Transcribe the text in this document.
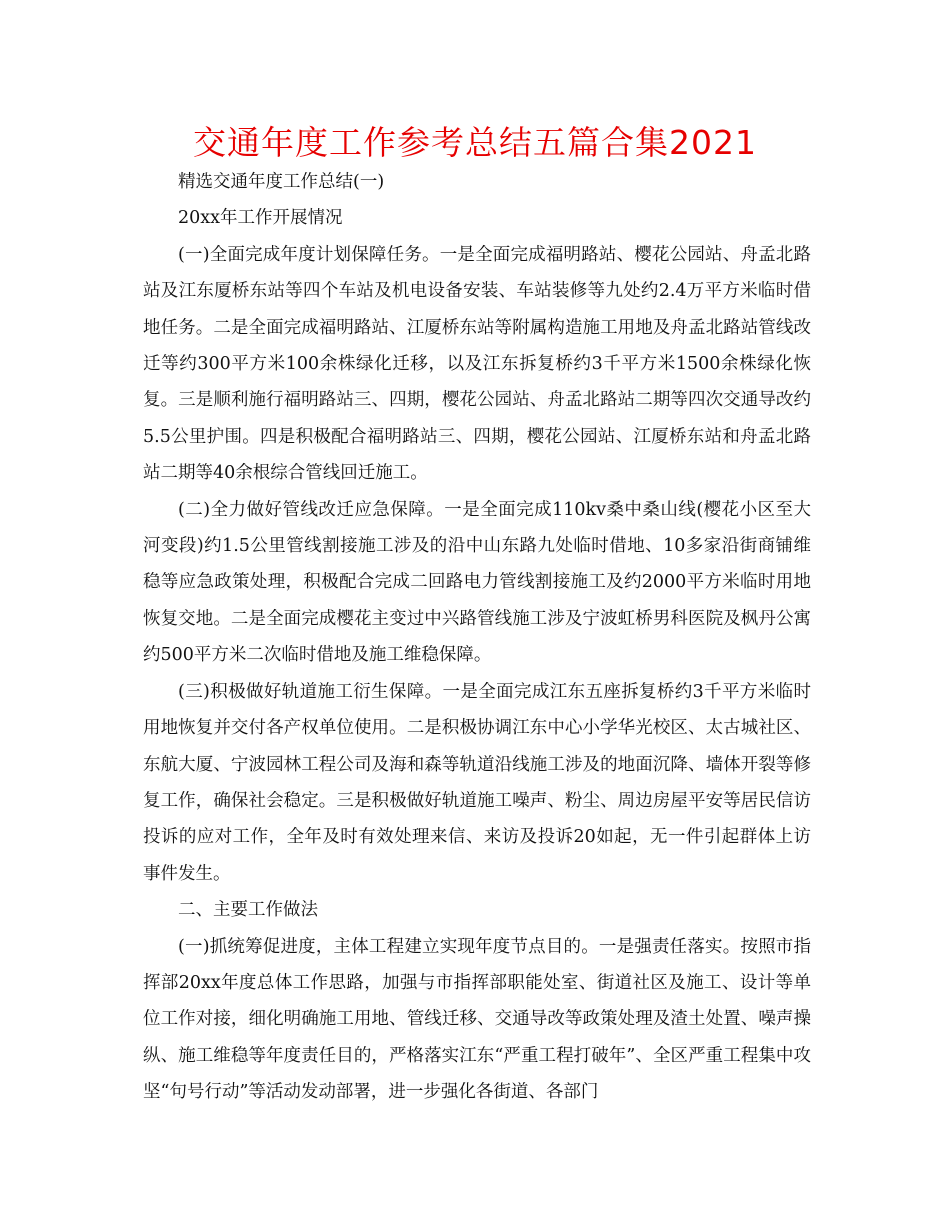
交通年度工作参考总结五篇合集2021

精选交通年度工作总结(一)

20xx年工作开展情况

(一)全面完成年度计划保障任务。一是全面完成福明路站、樱花公园站、舟孟北路站及江东厦桥东站等四个车站及机电设备安装、车站装修等九处约2.4万平方米临时借地任务。二是全面完成福明路站、江厦桥东站等附属构造施工用地及舟孟北路站管线改迁等约300平方米100余株绿化迁移，以及江东拆复桥约3千平方米1500余株绿化恢复。三是顺利施行福明路站三、四期，樱花公园站、舟孟北路站二期等四次交通导改约5.5公里护围。四是积极配合福明路站三、四期，樱花公园站、江厦桥东站和舟孟北路站二期等40余根综合管线回迁施工。

(二)全力做好管线改迁应急保障。一是全面完成110kv桑中桑山线(樱花小区至大河变段)约1.5公里管线割接施工涉及的沿中山东路九处临时借地、10多家沿街商铺维稳等应急政策处理，积极配合完成二回路电力管线割接施工及约2000平方米临时用地恢复交地。二是全面完成樱花主变过中兴路管线施工涉及宁波虹桥男科医院及枫丹公寓约500平方米二次临时借地及施工维稳保障。

(三)积极做好轨道施工衍生保障。一是全面完成江东五座拆复桥约3千平方米临时用地恢复并交付各产权单位使用。二是积极协调江东中心小学华光校区、太古城社区、东航大厦、宁波园林工程公司及海和森等轨道沿线施工涉及的地面沉降、墙体开裂等修复工作，确保社会稳定。三是积极做好轨道施工噪声、粉尘、周边房屋平安等居民信访投诉的应对工作，全年及时有效处理来信、来访及投诉20如起，无一件引起群体上访事件发生。

二、主要工作做法

(一)抓统筹促进度，主体工程建立实现年度节点目的。一是强责任落实。按照市指挥部20xx年度总体工作思路，加强与市指挥部职能处室、街道社区及施工、设计等单位工作对接，细化明确施工用地、管线迁移、交通导改等政策处理及渣土处置、噪声操纵、施工维稳等年度责任目的，严格落实江东“严重工程打破年”、全区严重工程集中攻坚“句号行动”等活动发动部署，进一步强化各街道、各部门
